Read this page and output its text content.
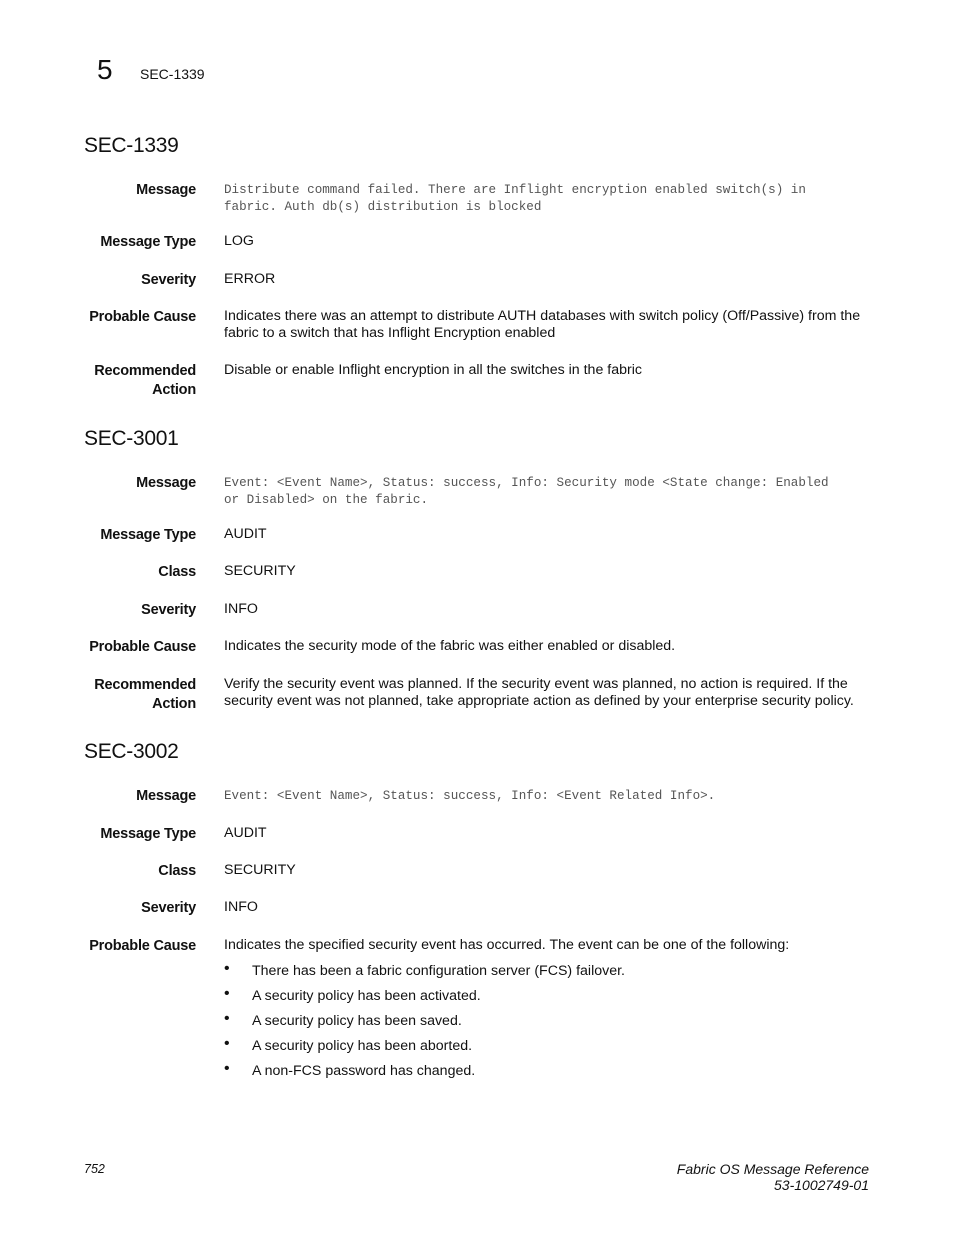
5 SEC-1339
SEC-1339
Message Distribute command failed. There are Inflight encryption enabled switch(s) in
fabric. Auth db(s) distribution is blocked
Message Type LOG
Severity ERROR
Probable Cause Indicates there was an attempt to distribute AUTH databases with switch policy (Off/Passive) from the
fabric to a switch that has Inflight Encryption enabled
Recommended
Action
Disable or enable Inflight encryption in all the switches in the fabric
SEC-3001
Message Event: <Event Name>, Status: success, Info: Security mode <State change: Enabled
or Disabled> on the fabric.
Message Type AUDIT
Class SECURITY
Severity INFO
Probable Cause Indicates the security mode of the fabric was either enabled or disabled.
Recommended
Action
Verify the security event was planned. If the security event was planned, no action is required. If the
security event was not planned, take appropriate action as defined by your enterprise security policy.
SEC-3002
Message Event: <Event Name>, Status: success, Info: <Event Related Info>.
Message Type AUDIT
Class SECURITY
Severity INFO
Probable Cause Indicates the specified security event has occurred. The event can be one of the following:
• There has been a fabric configuration server (FCS) failover.
• A security policy has been activated.
• A security policy has been saved.
• A security policy has been aborted.
• A non-FCS password has changed.
752	Fabric OS Message Reference
53-1002749-01
